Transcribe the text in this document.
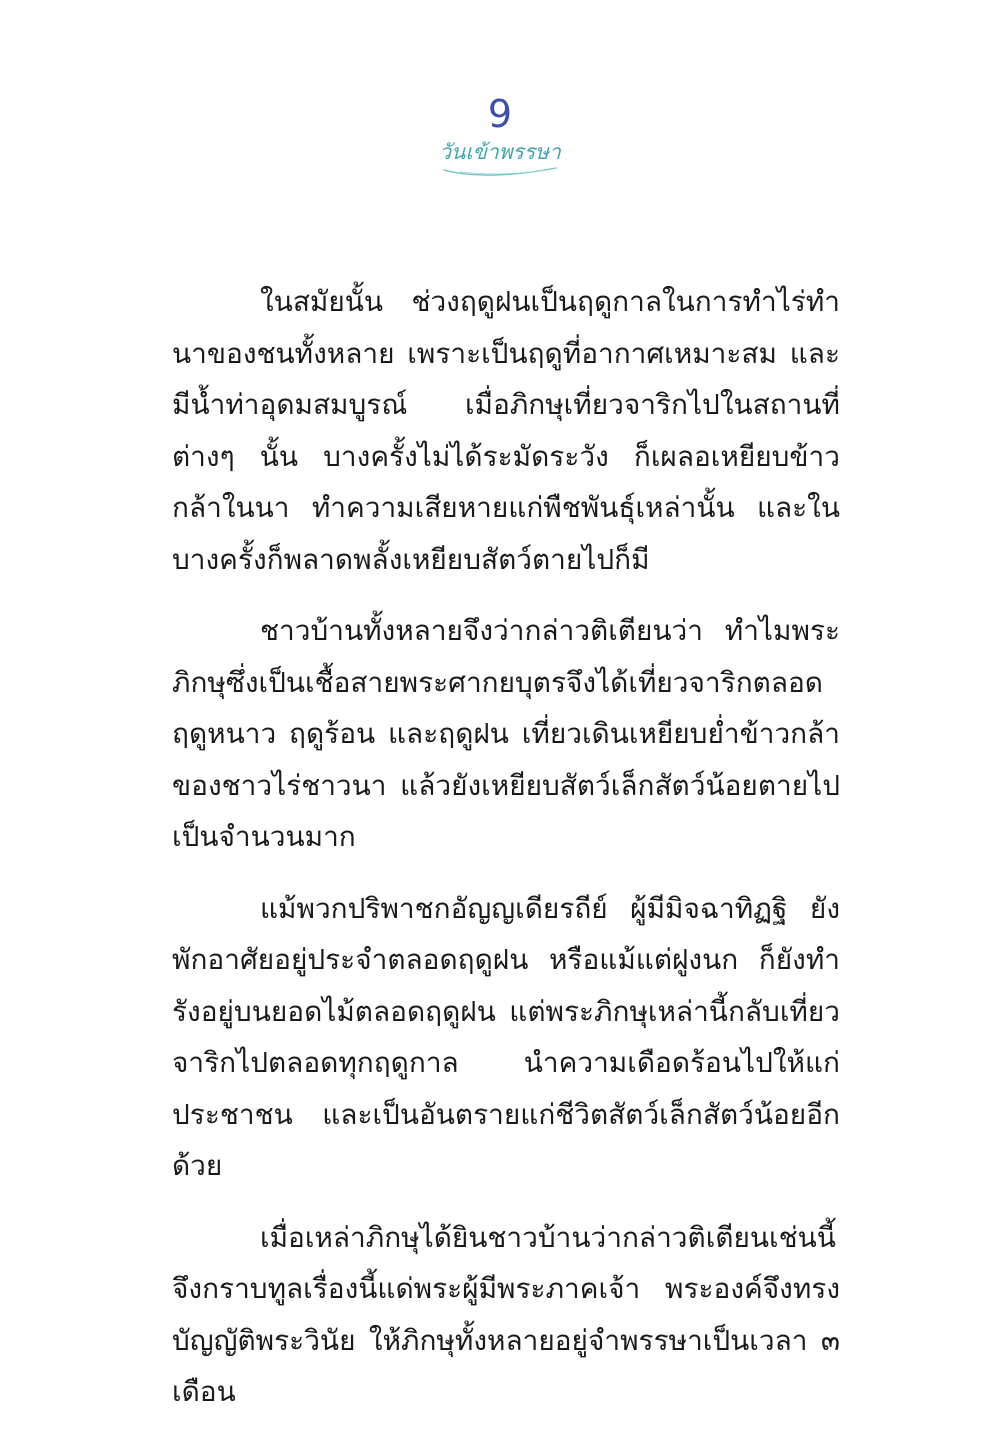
9
วันเข้าพรรษา

ในสมัยนั้น ช่วงฤดูฝนเป็นฤดูกาลในการทำไร่ทำนาของชนทั้งหลาย เพราะเป็นฤดูที่อากาศเหมาะสม และมีน้ำท่าอุดมสมบูรณ์ เมื่อภิกษุเที่ยวจาริกไปในสถานที่ต่างๆ นั้น บางครั้งไม่ได้ระมัดระวัง ก็เผลอเหยียบข้าวกล้าในนา ทำความเสียหายแก่พืชพันธุ์เหล่านั้น และในบางครั้งก็พลาดพลั้งเหยียบสัตว์ตายไปก็มี

ชาวบ้านทั้งหลายจึงว่ากล่าวติเตียนว่า ทำไมพระภิกษุซึ่งเป็นเชื้อสายพระศากยบุตรจึงได้เที่ยวจาริกตลอด ฤดูหนาว ฤดูร้อน และฤดูฝน เที่ยวเดินเหยียบย่ำข้าวกล้าของชาวไร่ชาวนา แล้วยังเหยียบสัตว์เล็กสัตว์น้อยตายไปเป็นจำนวนมาก

แม้พวกปริพาชกอัญญเดียรถีย์ ผู้มีมิจฉาทิฏฐิ ยังพักอาศัยอยู่ประจำตลอดฤดูฝน หรือแม้แต่ฝูงนก ก็ยังทำรังอยู่บนยอดไม้ตลอดฤดูฝน แต่พระภิกษุเหล่านี้กลับเที่ยวจาริกไปตลอดทุกฤดูกาล นำความเดือดร้อนไปให้แก่ประชาชน และเป็นอันตรายแก่ชีวิตสัตว์เล็กสัตว์น้อยอีกด้วย

เมื่อเหล่าภิกษุได้ยินชาวบ้านว่ากล่าวติเตียนเช่นนี้ จึงกราบทูลเรื่องนี้แด่พระผู้มีพระภาคเจ้า พระองค์จึงทรงบัญญัติพระวินัย ให้ภิกษุทั้งหลายอยู่จำพรรษาเป็นเวลา ๓ เดือน
